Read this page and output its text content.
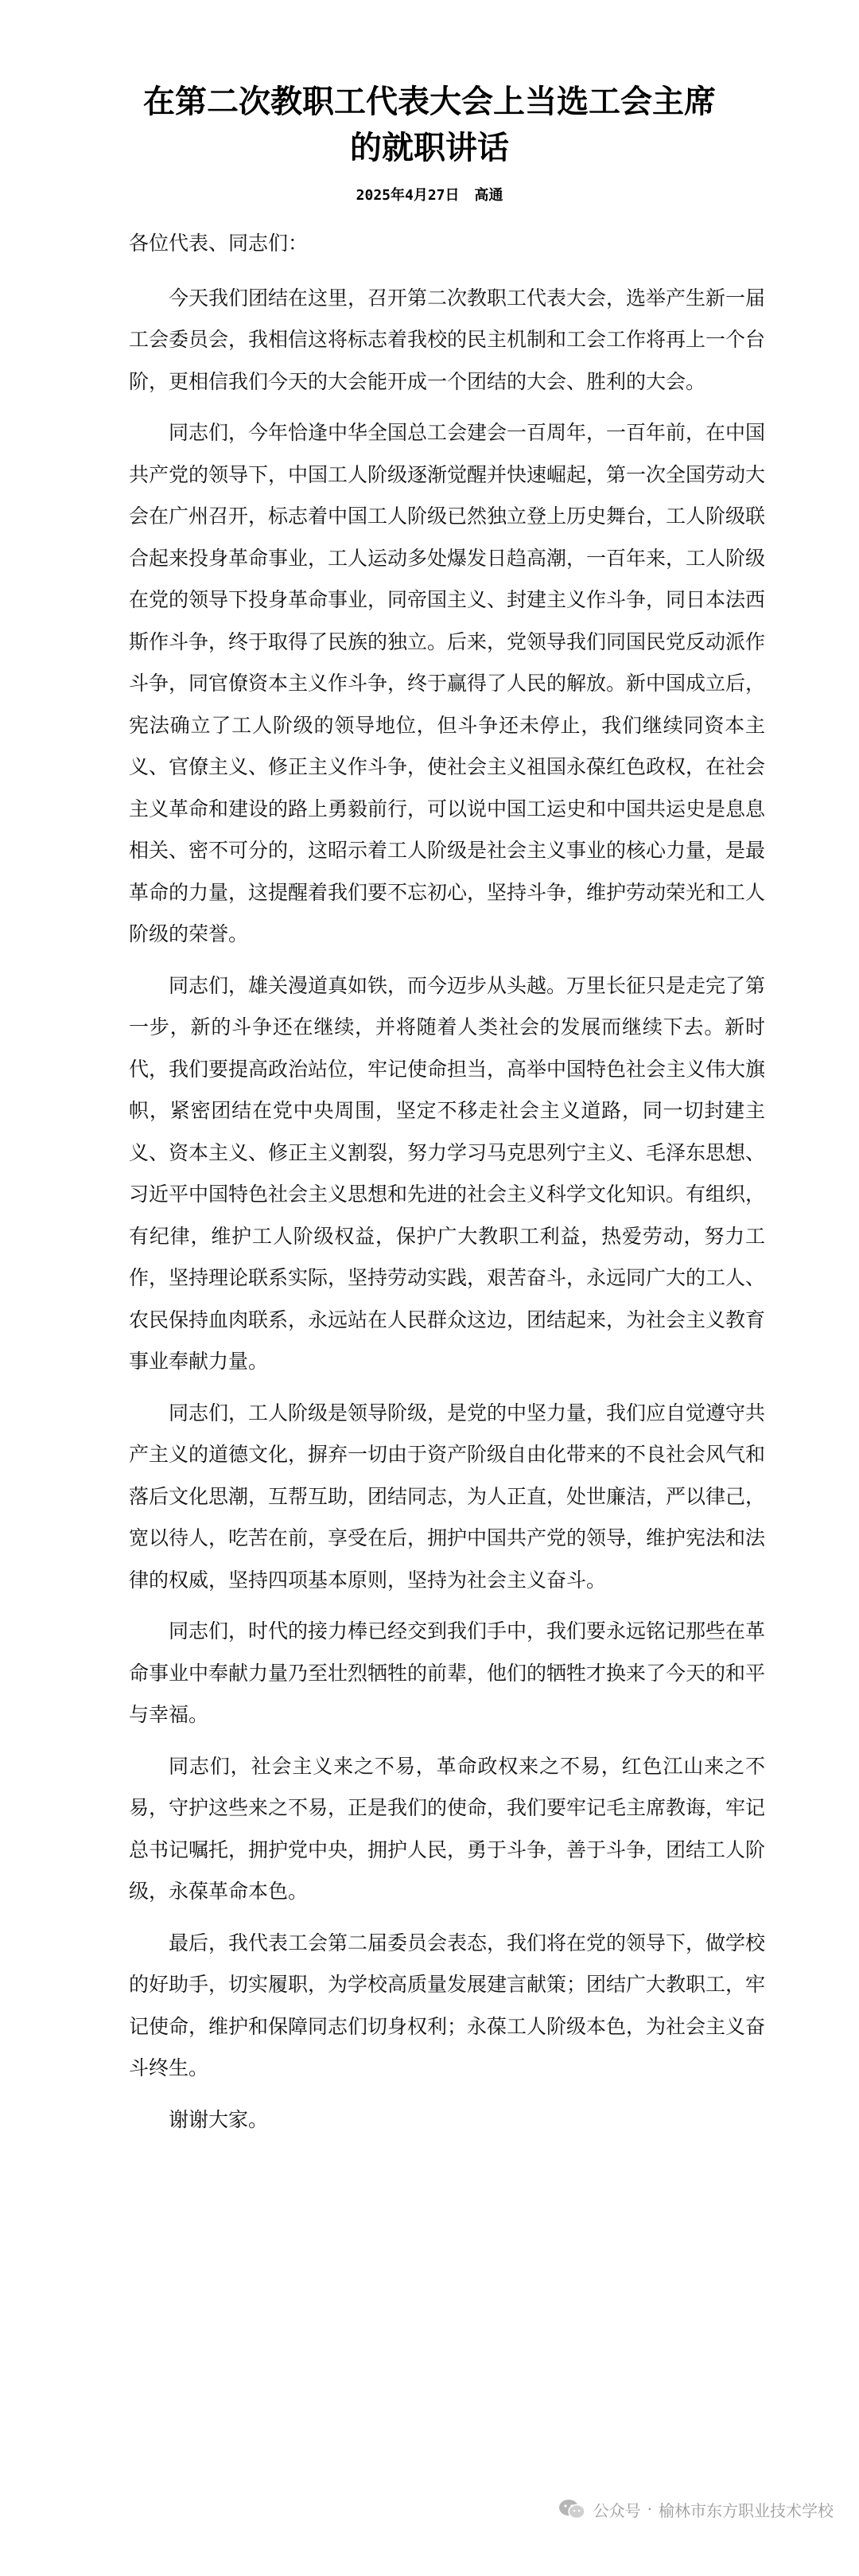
在第二次教职工代表大会上当选工会主席
的就职讲话
2025年4月27日 高通

各位代表、同志们：

今天我们团结在这里，召开第二次教职工代表大会，选举产生新一届工会委员会，我相信这将标志着我校的民主机制和工会工作将再上一个台阶，更相信我们今天的大会能开成一个团结的大会、胜利的大会。

同志们，今年恰逢中华全国总工会建会一百周年，一百年前，在中国共产党的领导下，中国工人阶级逐渐觉醒并快速崛起，第一次全国劳动大会在广州召开，标志着中国工人阶级已然独立登上历史舞台，工人阶级联合起来投身革命事业，工人运动多处爆发日趋高潮，一百年来，工人阶级在党的领导下投身革命事业，同帝国主义、封建主义作斗争，同日本法西斯作斗争，终于取得了民族的独立。后来，党领导我们同国民党反动派作斗争，同官僚资本主义作斗争，终于赢得了人民的解放。新中国成立后，宪法确立了工人阶级的领导地位，但斗争还未停止，我们继续同资本主义、官僚主义、修正主义作斗争，使社会主义祖国永葆红色政权，在社会主义革命和建设的路上勇毅前行，可以说中国工运史和中国共运史是息息相关、密不可分的，这昭示着工人阶级是社会主义事业的核心力量，是最革命的力量，这提醒着我们要不忘初心，坚持斗争，维护劳动荣光和工人阶级的荣誉。

同志们，雄关漫道真如铁，而今迈步从头越。万里长征只是走完了第一步，新的斗争还在继续，并将随着人类社会的发展而继续下去。新时代，我们要提高政治站位，牢记使命担当，高举中国特色社会主义伟大旗帜，紧密团结在党中央周围，坚定不移走社会主义道路，同一切封建主义、资本主义、修正主义割裂，努力学习马克思列宁主义、毛泽东思想、习近平中国特色社会主义思想和先进的社会主义科学文化知识。有组织，有纪律，维护工人阶级权益，保护广大教职工利益，热爱劳动，努力工作，坚持理论联系实际，坚持劳动实践，艰苦奋斗，永远同广大的工人、农民保持血肉联系，永远站在人民群众这边，团结起来，为社会主义教育事业奉献力量。

同志们，工人阶级是领导阶级，是党的中坚力量，我们应自觉遵守共产主义的道德文化，摒弃一切由于资产阶级自由化带来的不良社会风气和落后文化思潮，互帮互助，团结同志，为人正直，处世廉洁，严以律己，宽以待人，吃苦在前，享受在后，拥护中国共产党的领导，维护宪法和法律的权威，坚持四项基本原则，坚持为社会主义奋斗。

同志们，时代的接力棒已经交到我们手中，我们要永远铭记那些在革命事业中奉献力量乃至壮烈牺牲的前辈，他们的牺牲才换来了今天的和平与幸福。

同志们，社会主义来之不易，革命政权来之不易，红色江山来之不易，守护这些来之不易，正是我们的使命，我们要牢记毛主席教诲，牢记总书记嘱托，拥护党中央，拥护人民，勇于斗争，善于斗争，团结工人阶级，永葆革命本色。

最后，我代表工会第二届委员会表态，我们将在党的领导下，做学校的好助手，切实履职，为学校高质量发展建言献策；团结广大教职工，牢记使命，维护和保障同志们切身权利；永葆工人阶级本色，为社会主义奋斗终生。

谢谢大家。

公众号 · 榆林市东方职业技术学校
